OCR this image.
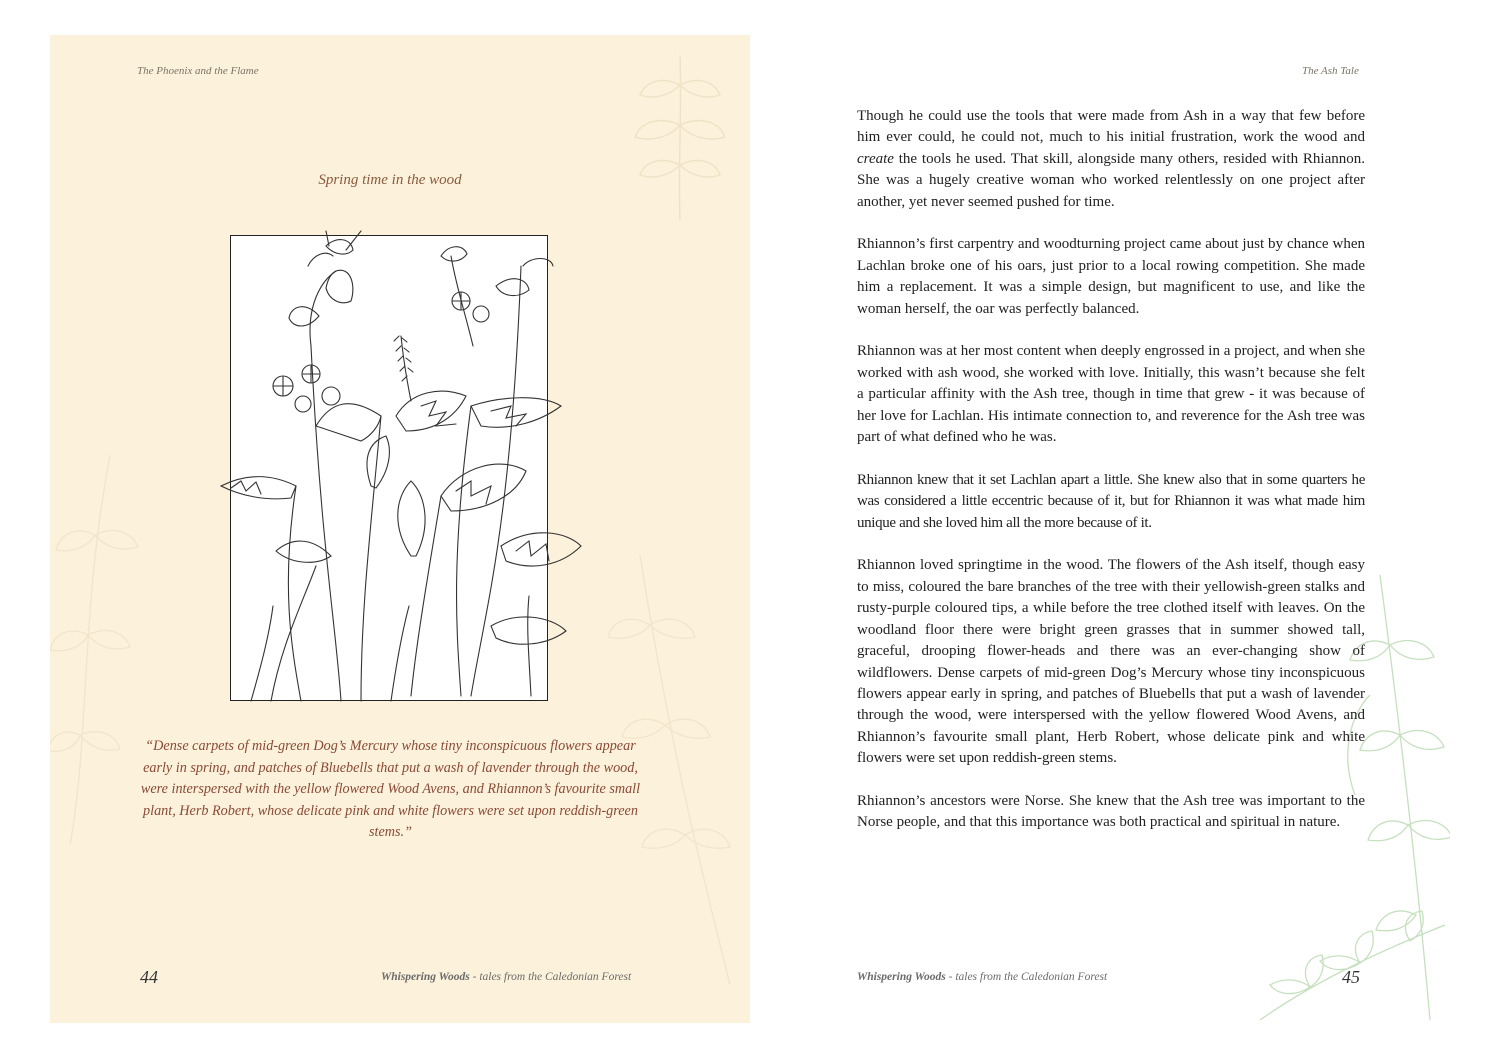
The Phoenix and the Flame
Spring time in the wood
“Dense carpets of mid-green Dog’s Mercury whose tiny inconspicuous flowers appear early in spring, and patches of Bluebells that put a wash of lavender through the wood, were interspersed with the yellow flowered Wood Avens, and Rhiannon’s favourite small plant, Herb Robert, whose delicate pink and white flowers were set upon reddish-green stems.”
44	Whispering Woods - tales from the Caledonian Forest
The Ash Tale

Though he could use the tools that were made from Ash in a way that few before him ever could, he could not, much to his initial frustration, work the wood and create the tools he used. That skill, alongside many others, resided with Rhiannon. She was a hugely creative woman who worked relentlessly on one project after another, yet never seemed pushed for time.

Rhiannon’s first carpentry and woodturning project came about just by chance when Lachlan broke one of his oars, just prior to a local rowing competition. She made him a replacement. It was a simple design, but magnificent to use, and like the woman herself, the oar was perfectly balanced.

Rhiannon was at her most content when deeply engrossed in a project, and when she worked with ash wood, she worked with love. Initially, this wasn’t because she felt a particular affinity with the Ash tree, though in time that grew - it was because of her love for Lachlan. His intimate connection to, and reverence for the Ash tree was part of what defined who he was.

Rhiannon knew that it set Lachlan apart a little. She knew also that in some quarters he was considered a little eccentric because of it, but for Rhiannon it was what made him unique and she loved him all the more because of it.

Rhiannon loved springtime in the wood. The flowers of the Ash itself, though easy to miss, coloured the bare branches of the tree with their yellowish-green stalks and rusty-purple coloured tips, a while before the tree clothed itself with leaves. On the woodland floor there were bright green grasses that in summer showed tall, graceful, drooping flower-heads and there was an ever-changing show of wildflowers. Dense carpets of mid-green Dog’s Mercury whose tiny inconspicuous flowers appear early in spring, and patches of Bluebells that put a wash of lavender through the wood, were interspersed with the yellow flowered Wood Avens, and Rhiannon’s favourite small plant, Herb Robert, whose delicate pink and white flowers were set upon reddish-green stems.

Rhiannon’s ancestors were Norse. She knew that the Ash tree was important to the Norse people, and that this importance was both practical and spiritual in nature.

Whispering Woods - tales from the Caledonian Forest	45
